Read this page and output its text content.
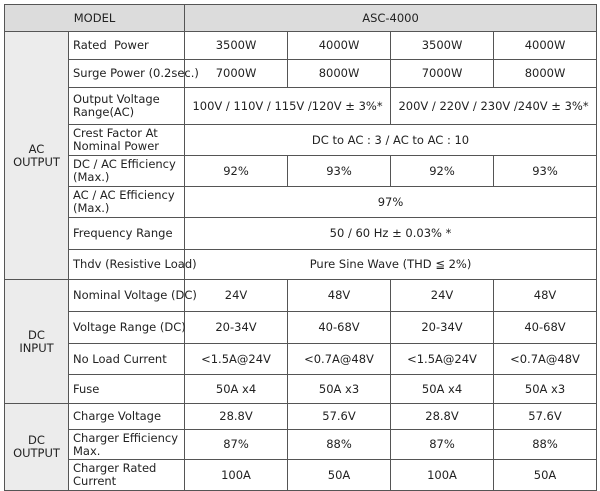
MODEL		ASC-4000			

AC
OUTPUT	Rated  Power	3500W	4000W	3500W	4000W

	Surge Power (0.2sec.)	7000W	8000W	7000W	8000W

	Output Voltage
Range(AC)	100V / 110V / 115V /120V ± 3%*		200V / 220V / 230V /240V ± 3%*	

	Crest Factor At
Nominal Power	DC to AC : 3 / AC to AC : 10			

	DC / AC Efficiency
(Max.)	92%	93%	92%	93%

	AC / AC Efficiency
(Max.)	97%			

	Frequency Range	50 / 60 Hz ± 0.03% *			

	Thdv (Resistive Load)	Pure Sine Wave (THD ≦ 2%)			

DC
INPUT	Nominal Voltage (DC)	24V	48V	24V	48V

	Voltage Range (DC)	20-34V	40-68V	20-34V	40-68V

	No Load Current	<1.5A@24V	<0.7A@48V	<1.5A@24V	<0.7A@48V

	Fuse	50A x4	50A x3	50A x4	50A x3

DC
OUTPUT	Charge Voltage	28.8V	57.6V	28.8V	57.6V

	Charger Efficiency
Max.	87%	88%	87%	88%

	Charger Rated
Current	100A	50A	100A	50A
